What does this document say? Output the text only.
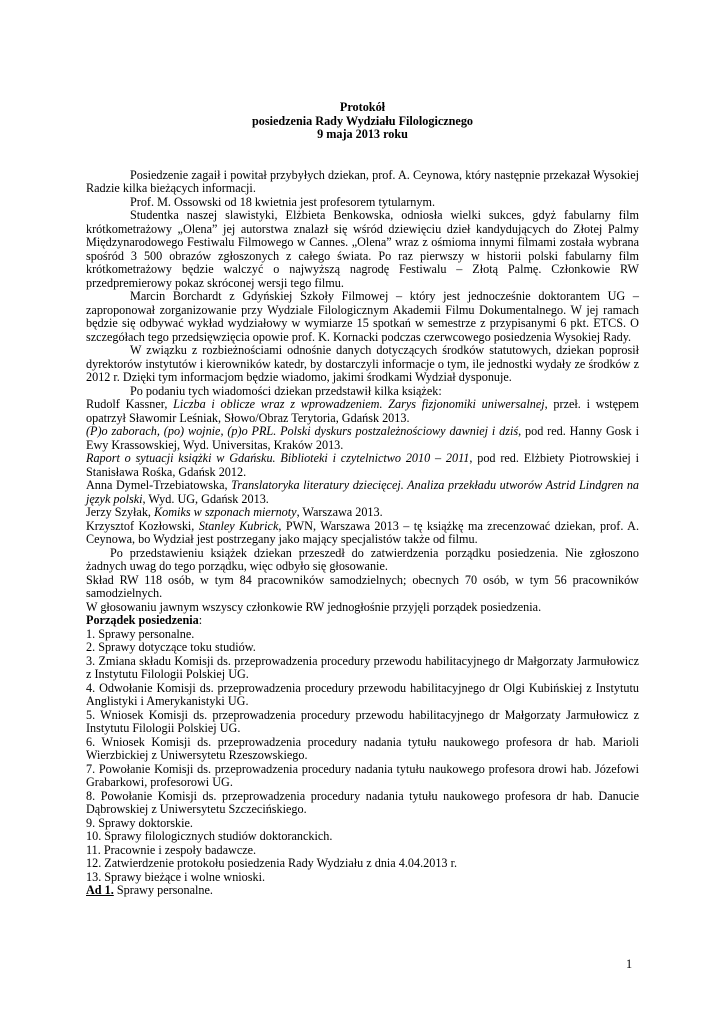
Protokół
posiedzenia Rady Wydziału Filologicznego
9 maja 2013 roku

Posiedzenie zagaił i powitał przybyłych dziekan, prof. A. Ceynowa, który następnie przekazał Wysokiej Radzie kilka bieżących informacji.

Prof. M. Ossowski od 18 kwietnia jest profesorem tytularnym.

Studentka naszej slawistyki, Elżbieta Benkowska, odniosła wielki sukces, gdyż fabularny film krótkometrażowy „Olena” jej autorstwa znalazł się wśród dziewięciu dzieł kandydujących do Złotej Palmy Międzynarodowego Festiwalu Filmowego w Cannes. „Olena” wraz z ośmioma innymi filmami została wybrana spośród 3 500 obrazów zgłoszonych z całego świata. Po raz pierwszy w historii polski fabularny film krótkometrażowy będzie walczyć o najwyższą nagrodę Festiwalu – Złotą Palmę. Członkowie RW przedpremierowy pokaz skróconej wersji tego filmu.

Marcin Borchardt z Gdyńskiej Szkoły Filmowej – który jest jednocześnie doktorantem UG – zaproponował zorganizowanie przy Wydziale Filologicznym Akademii Filmu Dokumentalnego. W jej ramach będzie się odbywać wykład wydziałowy w wymiarze 15 spotkań w semestrze z przypisanymi 6 pkt. ETCS. O szczegółach tego przedsięwzięcia opowie prof. K. Kornacki podczas czerwcowego posiedzenia Wysokiej Rady.

W związku z rozbieżnościami odnośnie danych dotyczących środków statutowych, dziekan poprosił dyrektorów instytutów i kierowników katedr, by dostarczyli informacje o tym, ile jednostki wydały ze środków z 2012 r. Dzięki tym informacjom będzie wiadomo, jakimi środkami Wydział dysponuje.

Po podaniu tych wiadomości dziekan przedstawił kilka książek:

Rudolf Kassner, Liczba i oblicze wraz z wprowadzeniem. Zarys fizjonomiki uniwersalnej, przeł. i wstępem opatrzył Sławomir Leśniak, Słowo/Obraz Terytoria, Gdańsk 2013.

(P)o zaborach, (po) wojnie, (p)o PRL. Polski dyskurs postzależnościowy dawniej i dziś, pod red. Hanny Gosk i Ewy Krassowskiej, Wyd. Universitas, Kraków 2013.

Raport o sytuacji książki w Gdańsku. Biblioteki i czytelnictwo 2010 – 2011, pod red. Elżbiety Piotrowskiej i Stanisława Rośka, Gdańsk 2012.

Anna Dymel-Trzebiatowska, Translatoryka literatury dziecięcej. Analiza przekładu utworów Astrid Lindgren na język polski, Wyd. UG, Gdańsk 2013.

Jerzy Szyłak, Komiks w szponach miernoty, Warszawa 2013.

Krzysztof Kozłowski, Stanley Kubrick, PWN, Warszawa 2013 – tę książkę ma zrecenzować dziekan, prof. A. Ceynowa, bo Wydział jest postrzegany jako mający specjalistów także od filmu.

Po przedstawieniu książek dziekan przeszedł do zatwierdzenia porządku posiedzenia. Nie zgłoszono żadnych uwag do tego porządku, więc odbyło się głosowanie.

Skład RW 118 osób, w tym 84 pracowników samodzielnych; obecnych 70 osób, w tym 56 pracowników samodzielnych.

W głosowaniu jawnym wszyscy członkowie RW jednogłośnie przyjęli porządek posiedzenia.

Porządek posiedzenia:

1. Sprawy personalne.
2. Sprawy dotyczące toku studiów.
3. Zmiana składu Komisji ds. przeprowadzenia procedury przewodu habilitacyjnego dr Małgorzaty Jarmułowicz z Instytutu Filologii Polskiej UG.
4. Odwołanie Komisji ds. przeprowadzenia procedury przewodu habilitacyjnego dr Olgi Kubińskiej z Instytutu Anglistyki i Amerykanistyki UG.
5. Wniosek Komisji ds. przeprowadzenia procedury przewodu habilitacyjnego dr Małgorzaty Jarmułowicz z Instytutu Filologii Polskiej UG.
6. Wniosek Komisji ds. przeprowadzenia procedury nadania tytułu naukowego profesora dr hab. Marioli Wierzbickiej z Uniwersytetu Rzeszowskiego.
7. Powołanie Komisji ds. przeprowadzenia procedury nadania tytułu naukowego profesora drowi hab. Józefowi Grabarkowi, profesorowi UG.
8. Powołanie Komisji ds. przeprowadzenia procedury nadania tytułu naukowego profesora dr hab. Danucie Dąbrowskiej z Uniwersytetu Szczecińskiego.
9. Sprawy doktorskie.
10. Sprawy filologicznych studiów doktoranckich.
11. Pracownie i zespoły badawcze.
12. Zatwierdzenie protokołu posiedzenia Rady Wydziału z dnia 4.04.2013 r.
13. Sprawy bieżące i wolne wnioski.

Ad 1. Sprawy personalne.

1
